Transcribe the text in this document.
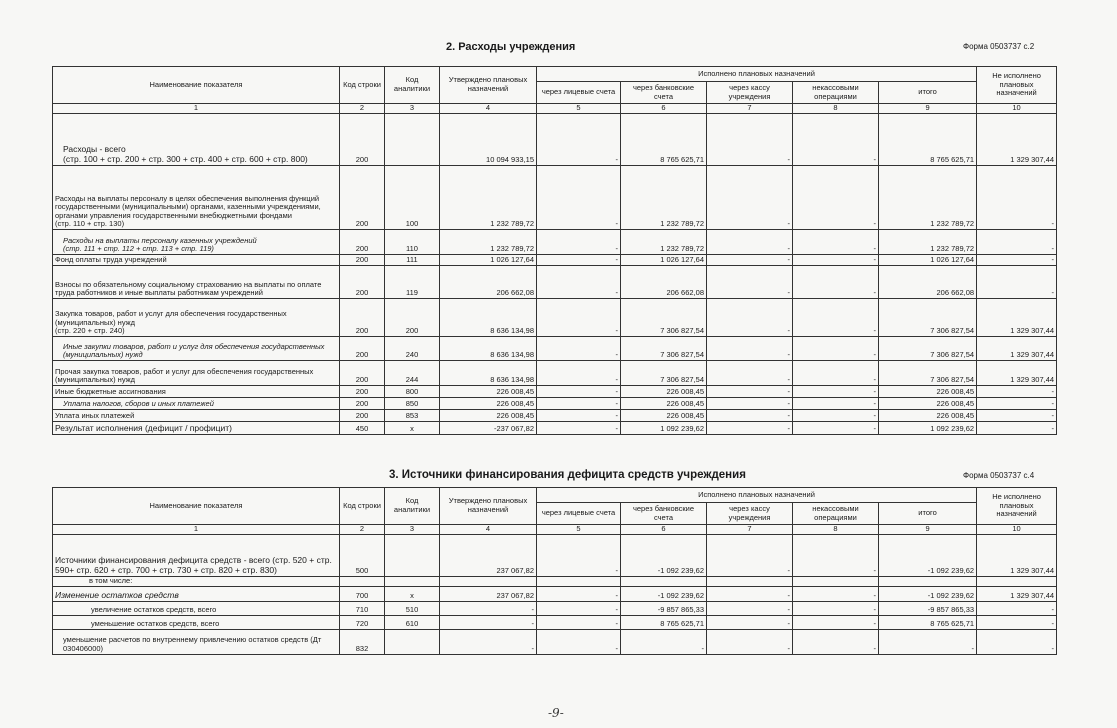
2. Расходы учреждения	Форма 0503737 с.2
Наименование показателя	Код строки	Код аналитики	Утверждено плановых назначений	Исполнено плановых назначений					Не исполнено плановых назначений
				через лицевые счета	через банковские счета	через кассу учреждения	некассовыми операциями	итого	
1	2	3	4	5	6	7	8	9	10
Расходы - всего
(стр. 100 + стр. 200 + стр. 300 + стр. 400 + стр. 600 + стр. 800)	200		10 094 933,15	-	8 765 625,71	-	-	8 765 625,71	1 329 307,44
Расходы на выплаты персоналу в целях обеспечения выполнения функций государственными (муниципальными) органами, казенными учреждениями, органами управления государственными внебюджетными фондами
(стр. 110 + стр. 130)	200	100	1 232 789,72	-	1 232 789,72	-	-	1 232 789,72	-
Расходы на выплаты персоналу казенных учреждений
(стр. 111 + стр. 112 + стр. 113 + стр. 119)	200	110	1 232 789,72	-	1 232 789,72	-	-	1 232 789,72	-
Фонд оплаты труда учреждений	200	111	1 026 127,64	-	1 026 127,64	-	-	1 026 127,64	-
Взносы по обязательному социальному страхованию на выплаты по оплате труда работников и иные выплаты работникам учреждений	200	119	206 662,08	-	206 662,08	-	-	206 662,08	-
Закупка товаров, работ и услуг для обеспечения государственных (муниципальных) нужд
(стр. 220 + стр. 240)	200	200	8 636 134,98	-	7 306 827,54	-	-	7 306 827,54	1 329 307,44
Иные закупки товаров, работ и услуг для обеспечения государственных (муниципальных) нужд	200	240	8 636 134,98	-	7 306 827,54	-	-	7 306 827,54	1 329 307,44
Прочая закупка товаров, работ и услуг для обеспечения государственных (муниципальных) нужд	200	244	8 636 134,98	-	7 306 827,54	-	-	7 306 827,54	1 329 307,44
Иные бюджетные ассигнования	200	800	226 008,45	-	226 008,45	-	-	226 008,45	-
Уплата налогов, сборов и иных платежей	200	850	226 008,45	-	226 008,45	-	-	226 008,45	-
Уплата иных платежей	200	853	226 008,45	-	226 008,45	-	-	226 008,45	-
Результат исполнения (дефицит / профицит)	450	x	-237 067,82	-	1 092 239,62	-	-	1 092 239,62	-
3. Источники финансирования дефицита средств учреждения	Форма 0503737 с.4
Наименование показателя	Код строки	Код аналитики	Утверждено плановых назначений	Исполнено плановых назначений					Не исполнено плановых назначений
				через лицевые счета	через банковские счета	через кассу учреждения	некассовыми операциями	итого	
1	2	3	4	5	6	7	8	9	10
Источники финансирования дефицита средств - всего (стр. 520 + стр. 590+ стр. 620 + стр. 700 + стр. 730 + стр. 820 + стр. 830)	500		237 067,82	-	-1 092 239,62	-	-	-1 092 239,62	1 329 307,44
в том числе:									
Изменение остатков средств	700	x	237 067,82	-	-1 092 239,62	-	-	-1 092 239,62	1 329 307,44
увеличение остатков средств, всего	710	510	-	-	-9 857 865,33	-	-	-9 857 865,33	-
уменьшение остатков средств, всего	720	610	-	-	8 765 625,71	-	-	8 765 625,71	-
уменьшение расчетов по внутреннему привлечению остатков средств (Дт 030406000)	832		-	-	-	-	-	-	-
-9-
